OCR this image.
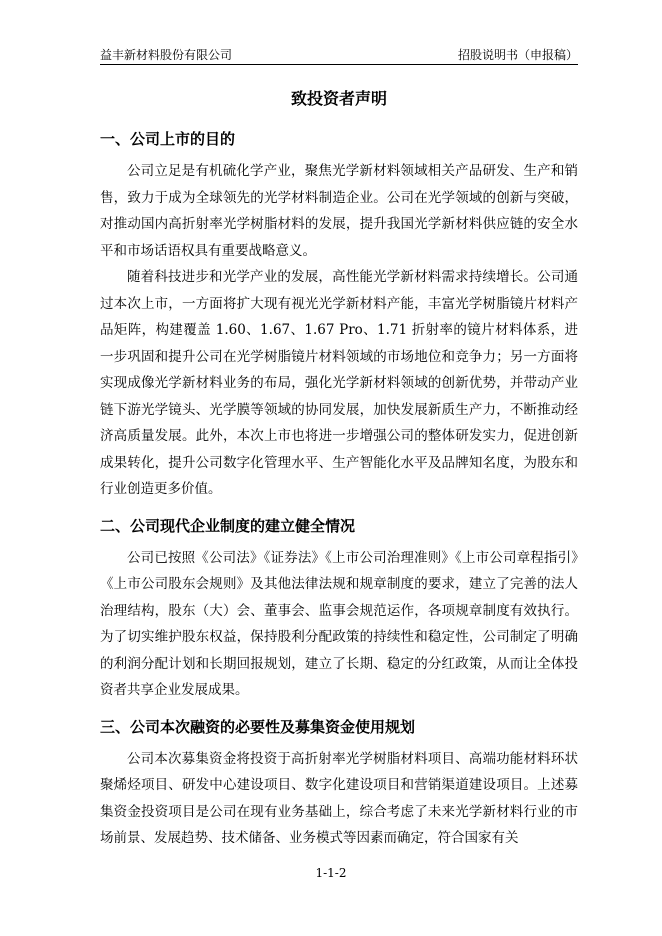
益丰新材料股份有限公司	招股说明书（申报稿）
致投资者声明
一、公司上市的目的

公司立足是有机硫化学产业，聚焦光学新材料领域相关产品研发、生产和销售，致力于成为全球领先的光学材料制造企业。公司在光学领域的创新与突破，对推动国内高折射率光学树脂材料的发展，提升我国光学新材料供应链的安全水平和市场话语权具有重要战略意义。

随着科技进步和光学产业的发展，高性能光学新材料需求持续增长。公司通过本次上市，一方面将扩大现有视光光学新材料产能，丰富光学树脂镜片材料产品矩阵，构建覆盖 1.60、1.67、1.67 Pro、1.71 折射率的镜片材料体系，进一步巩固和提升公司在光学树脂镜片材料领域的市场地位和竞争力；另一方面将实现成像光学新材料业务的布局，强化光学新材料领域的创新优势，并带动产业链下游光学镜头、光学膜等领域的协同发展，加快发展新质生产力，不断推动经济高质量发展。此外，本次上市也将进一步增强公司的整体研发实力，促进创新成果转化，提升公司数字化管理水平、生产智能化水平及品牌知名度，为股东和行业创造更多价值。

二、公司现代企业制度的建立健全情况

公司已按照《公司法》《证券法》《上市公司治理准则》《上市公司章程指引》《上市公司股东会规则》及其他法律法规和规章制度的要求，建立了完善的法人治理结构，股东（大）会、董事会、监事会规范运作，各项规章制度有效执行。为了切实维护股东权益，保持股利分配政策的持续性和稳定性，公司制定了明确的利润分配计划和长期回报规划，建立了长期、稳定的分红政策，从而让全体投资者共享企业发展成果。

三、公司本次融资的必要性及募集资金使用规划

公司本次募集资金将投资于高折射率光学树脂材料项目、高端功能材料环状聚烯烃项目、研发中心建设项目、数字化建设项目和营销渠道建设项目。上述募集资金投资项目是公司在现有业务基础上，综合考虑了未来光学新材料行业的市场前景、发展趋势、技术储备、业务模式等因素而确定，符合国家有关

1-1-2
